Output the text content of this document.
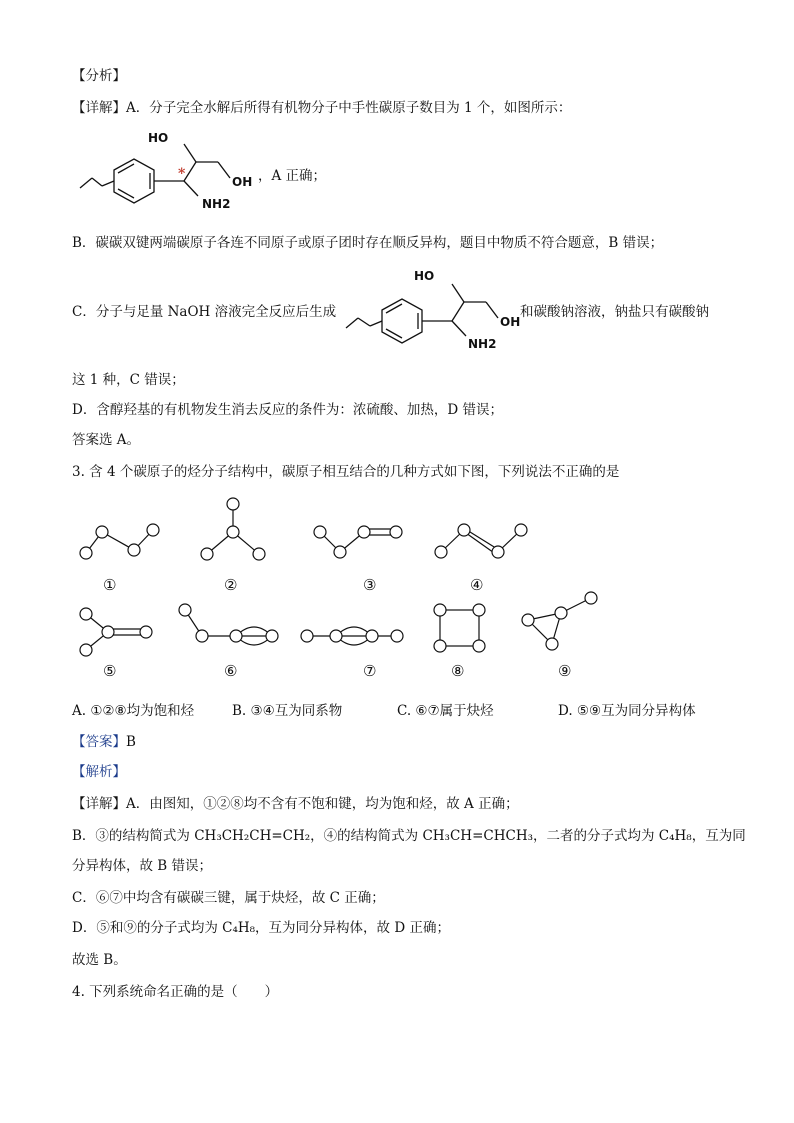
【分析】
【详解】A．分子完全水解后所得有机物分子中手性碳原子数目为 1 个，如图所示：
HO
OH
NH2
*	，A 正确；
B．碳碳双键两端碳原子各连不同原子或原子团时存在顺反异构，题目中物质不符合题意，B 错误；
C．分子与足量 NaOH 溶液完全反应后生成
HO
OH
NH2
和碳酸钠溶液，钠盐只有碳酸钠
这 1 种，C 错误；
D．含醇羟基的有机物发生消去反应的条件为：浓硫酸、加热，D 错误；
答案选 A。
3. 含 4 个碳原子的烃分子结构中，碳原子相互结合的几种方式如下图，下列说法不正确的是
①	②	③	④
⑤	⑥	⑦	⑧	⑨
A. ①②⑧均为饱和烃	B. ③④互为同系物	C. ⑥⑦属于炔烃	D. ⑤⑨互为同分异构体
【答案】B
【解析】
【详解】A．由图知，①②⑧均不含有不饱和键，均为饱和烃，故 A 正确；
B．③的结构简式为 CH₃CH₂CH=CH₂，④的结构简式为 CH₃CH=CHCH₃，二者的分子式均为 C₄H₈，互为同
分异构体，故 B 错误；
C．⑥⑦中均含有碳碳三键，属于炔烃，故 C 正确；
D．⑤和⑨的分子式均为 C₄H₈，互为同分异构体，故 D 正确；
故选 B。
4. 下列系统命名正确的是（　　）
